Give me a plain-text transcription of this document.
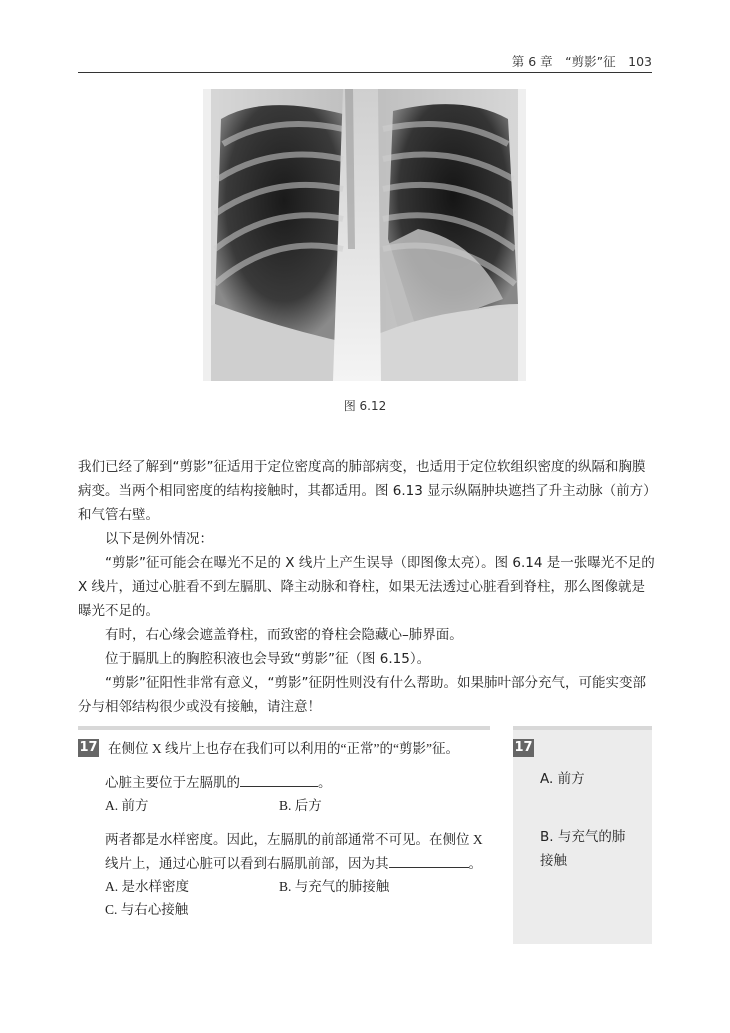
第 6 章　“剪影”征　103
图 6.12

我们已经了解到“剪影”征适用于定位密度高的肺部病变，也适用于定位软组织密度的纵隔和胸膜病变。当两个相同密度的结构接触时，其都适用。图 6.13 显示纵隔肿块遮挡了升主动脉（前方）和气管右壁。

以下是例外情况：

“剪影”征可能会在曝光不足的 X 线片上产生误导（即图像太亮）。图 6.14 是一张曝光不足的 X 线片，通过心脏看不到左膈肌、降主动脉和脊柱，如果无法透过心脏看到脊柱，那么图像就是曝光不足的。

有时，右心缘会遮盖脊柱，而致密的脊柱会隐藏心–肺界面。

位于膈肌上的胸腔积液也会导致“剪影”征（图 6.15）。

“剪影”征阳性非常有意义，“剪影”征阴性则没有什么帮助。如果肺叶部分充气，可能实变部分与相邻结构很少或没有接触，请注意！

17 在侧位 X 线片上也存在我们可以利用的“正常”的“剪影”征。
心脏主要位于左膈肌的	。
A. 前方	B. 后方
两者都是水样密度。因此，左膈肌的前部通常不可见。在侧位 X
线片上，通过心脏可以看到右膈肌前部，因为其	。
A. 是水样密度	B. 与充气的肺接触
C. 与右心接触
17
A. 前方
B. 与充气的肺
接触
